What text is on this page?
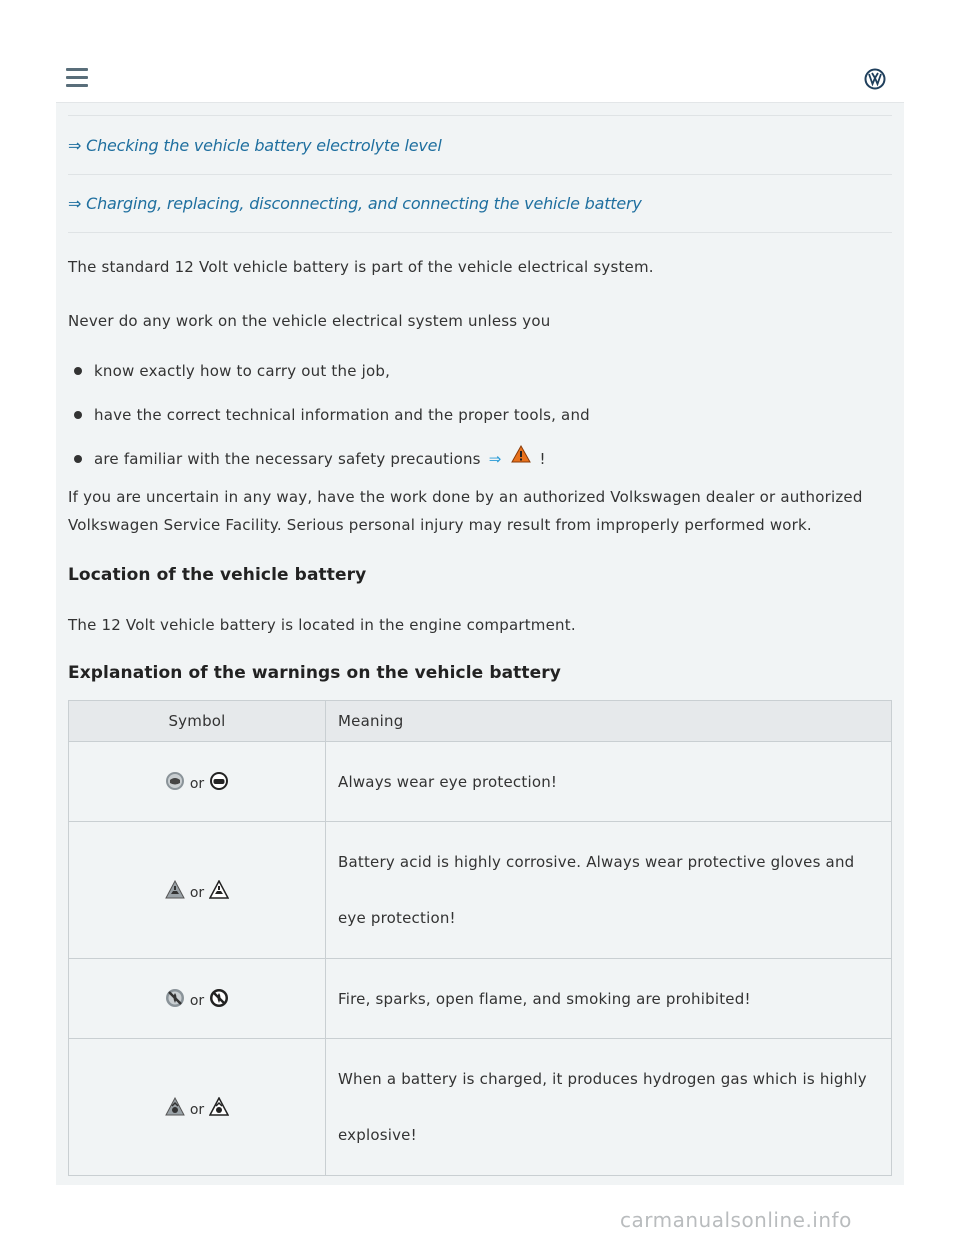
⇒ Checking the vehicle battery electrolyte level
⇒ Charging, replacing, disconnecting, and connecting the vehicle battery

The standard 12 Volt vehicle battery is part of the vehicle electrical system.

Never do any work on the vehicle electrical system unless you

know exactly how to carry out the job,
have the correct technical information and the proper tools, and
are familiar with the necessary safety precautions ⇒	!

If you are uncertain in any way, have the work done by an authorized Volkswagen dealer or authorized Volkswagen Service Facility. Serious personal injury may result from improperly performed work.

Location of the vehicle battery

The 12 Volt vehicle battery is located in the engine compartment.

Explanation of the warnings on the vehicle battery
Symbol	Meaning
or	Always wear eye protection!
or	Battery acid is highly corrosive. Always wear protective gloves and eye protection!
or	Fire, sparks, open flame, and smoking are prohibited!
or	When a battery is charged, it produces hydrogen gas which is highly explosive!
carmanualsonline.info
